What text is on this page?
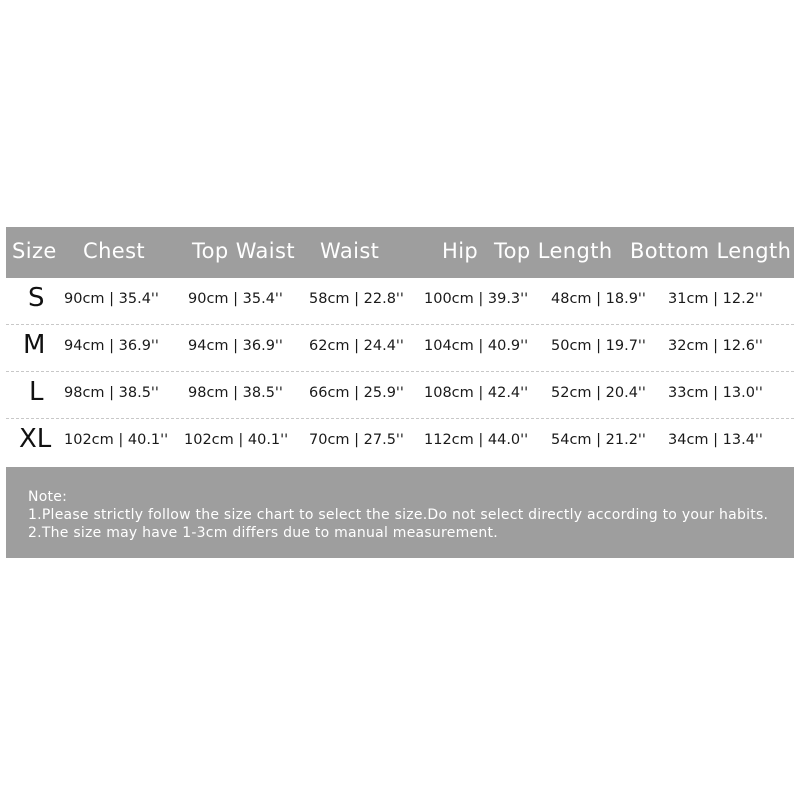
Size Chest Top Waist Waist	Hip Top Length Bottom Length
S 90cm | 35.4'' 90cm | 35.4'' 58cm | 22.8'' 100cm | 39.3'' 48cm | 18.9'' 31cm | 12.2''
M 94cm | 36.9'' 94cm | 36.9'' 62cm | 24.4'' 104cm | 40.9'' 50cm | 19.7'' 32cm | 12.6''
L 98cm | 38.5'' 98cm | 38.5'' 66cm | 25.9'' 108cm | 42.4'' 52cm | 20.4'' 33cm | 13.0''
XL 102cm | 40.1'' 102cm | 40.1'' 70cm | 27.5'' 112cm | 44.0'' 54cm | 21.2'' 34cm | 13.4''
Note:
1.Please strictly follow the size chart to select the size.Do not select directly according to your habits.
2.The size may have 1-3cm differs due to manual measurement.
